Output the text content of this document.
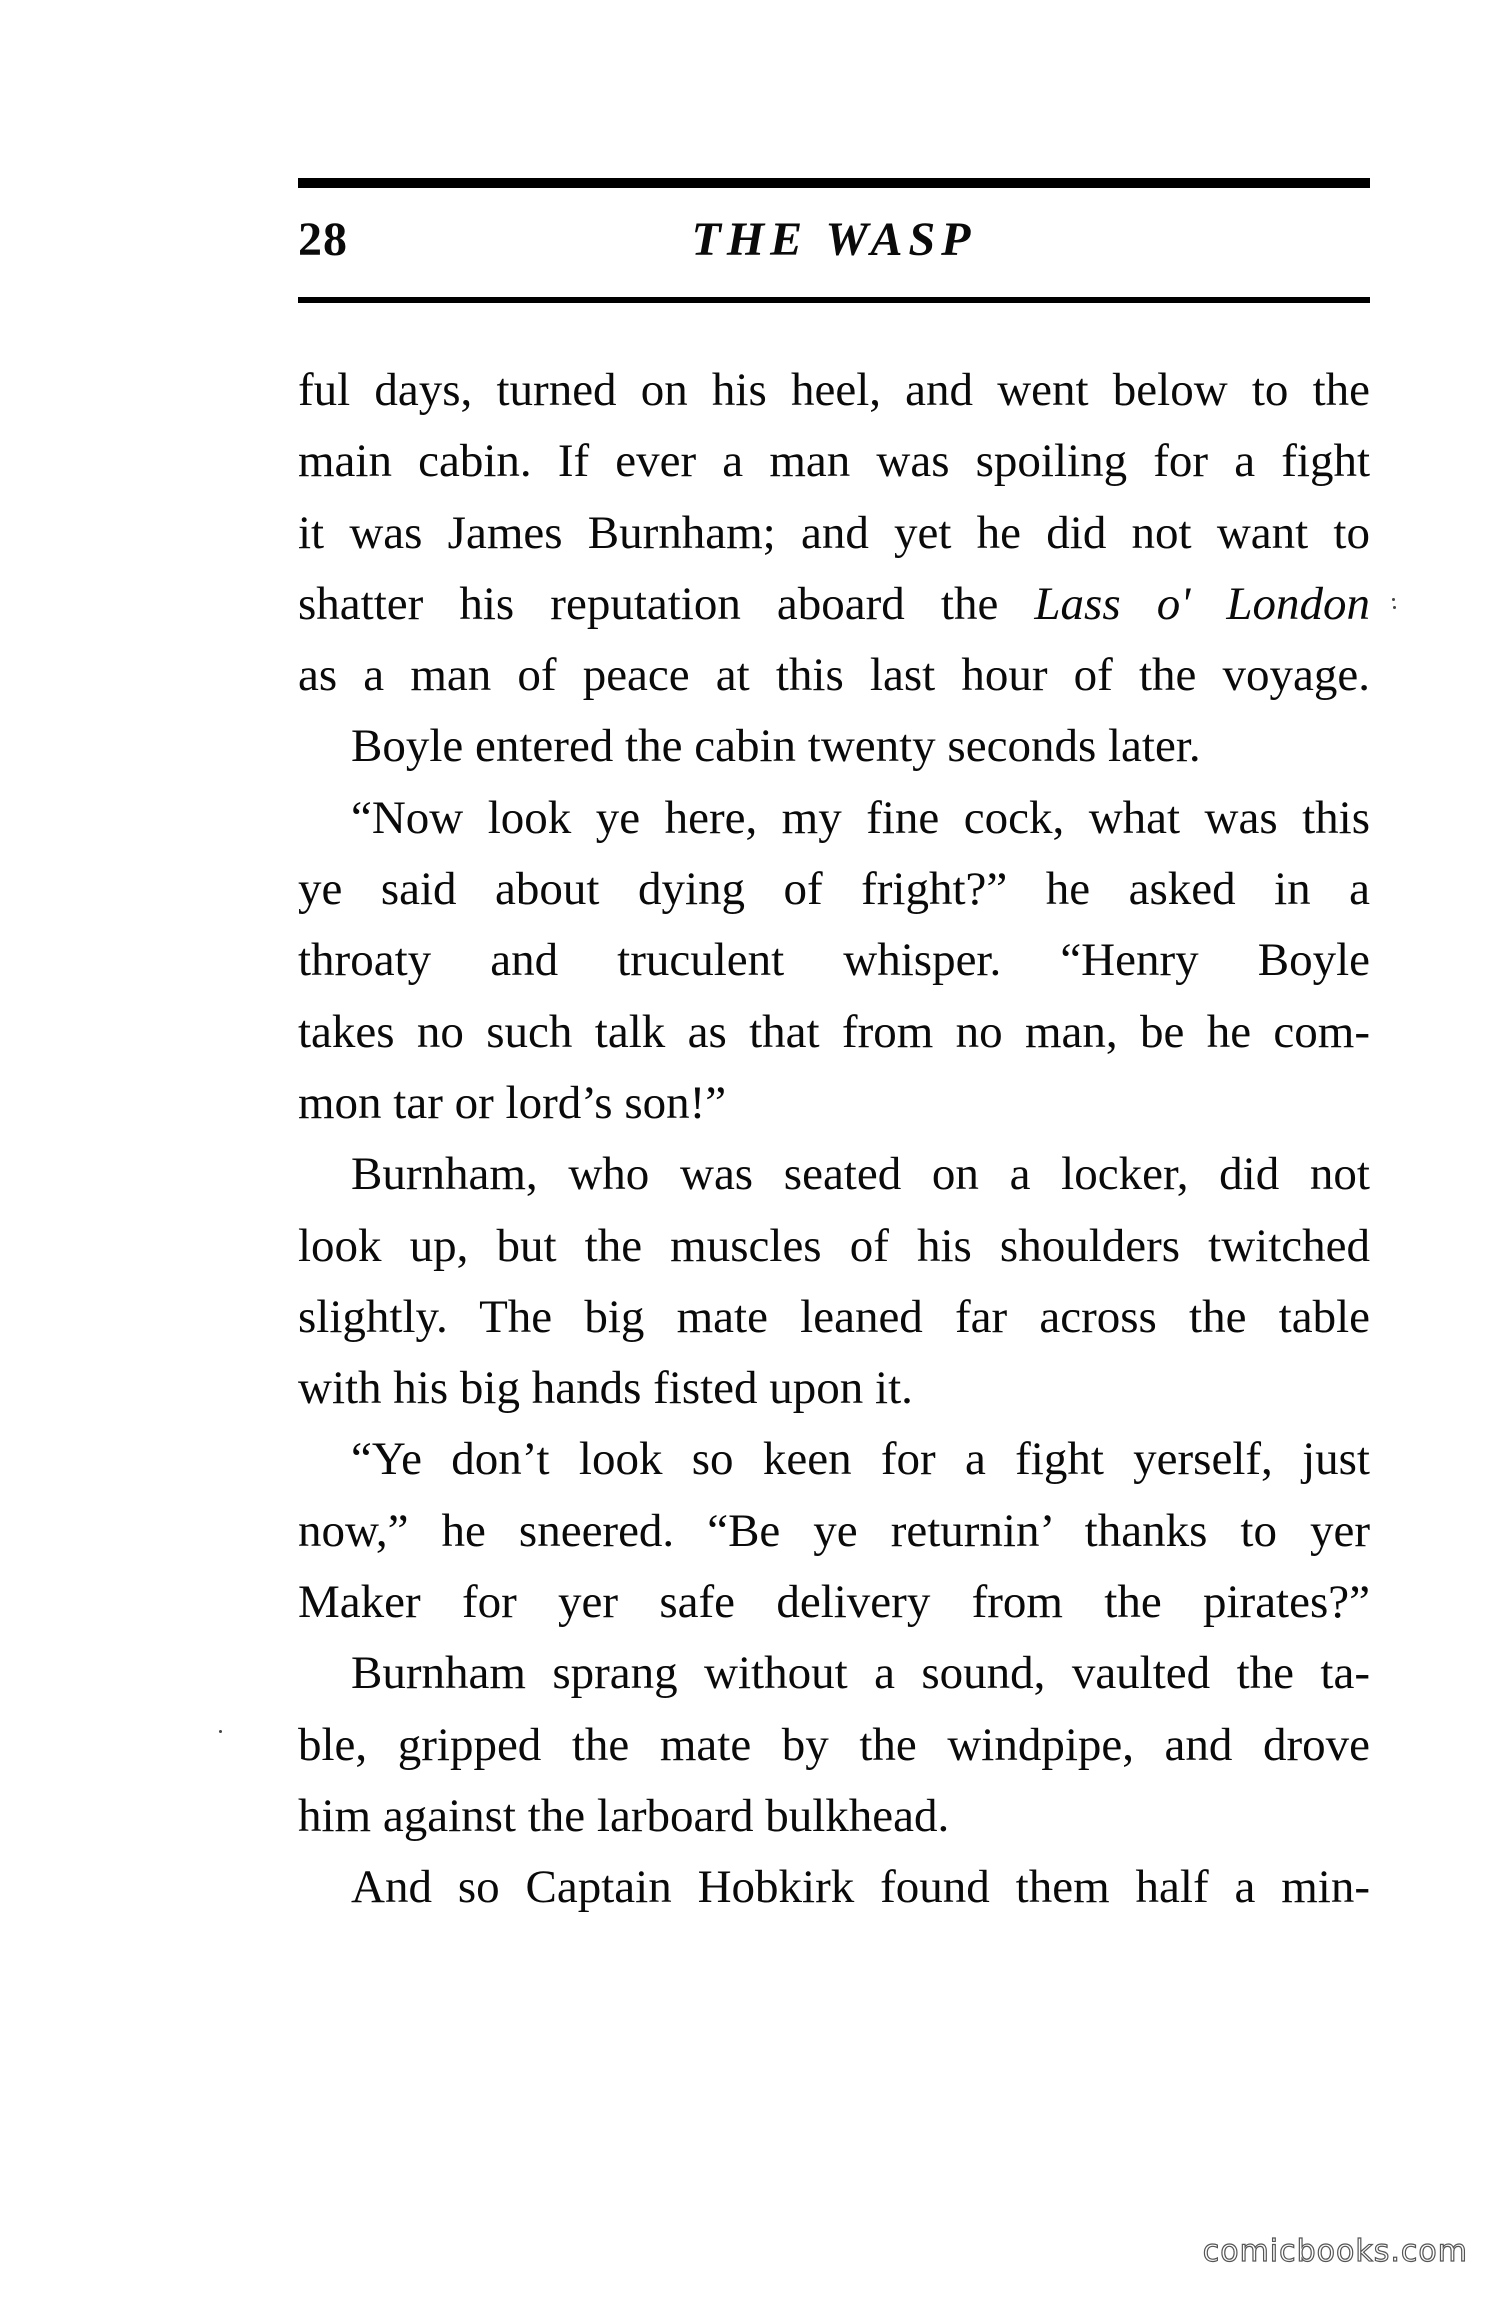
28	THE WASP
ful days, turned on his heel, and went below to the
main cabin. If ever a man was spoiling for a fight
it was James Burnham; and yet he did not want to
shatter his reputation aboard the Lass o' London
as a man of peace at this last hour of the voyage.
Boyle entered the cabin twenty seconds later.
“Now look ye here, my fine cock, what was this
ye said about dying of fright?” he asked in a
throaty and truculent whisper. “Henry Boyle
takes no such talk as that from no man, be he com-
mon tar or lord’s son!”
Burnham, who was seated on a locker, did not
look up, but the muscles of his shoulders twitched
slightly. The big mate leaned far across the table
with his big hands fisted upon it.
“Ye don’t look so keen for a fight yerself, just
now,” he sneered. “Be ye returnin’ thanks to yer
Maker for yer safe delivery from the pirates?”
Burnham sprang without a sound, vaulted the ta-
ble, gripped the mate by the windpipe, and drove
him against the larboard bulkhead.
And so Captain Hobkirk found them half a min-
comicbooks.com
